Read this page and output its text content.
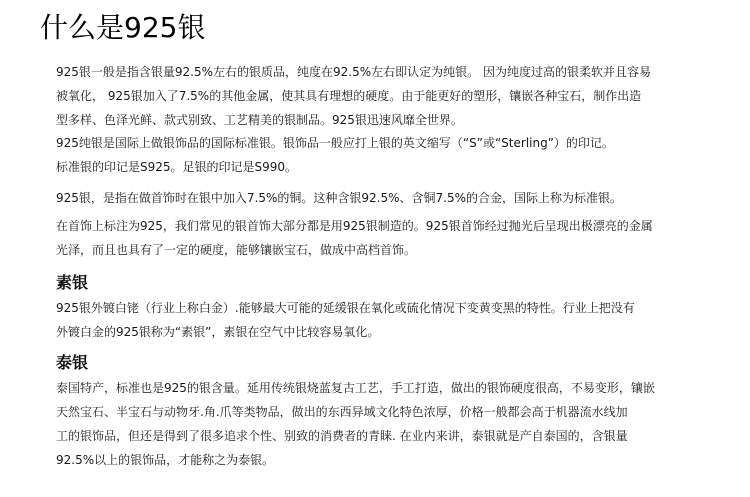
什么是925银

925银一般是指含银量92.5%左右的银质品，纯度在92.5%左右即认定为纯银。 因为纯度过高的银柔软并且容易
被氧化， 925银加入了7.5%的其他金属，使其具有理想的硬度。由于能更好的塑形，镶嵌各种宝石，制作出造
型多样、色泽光鲜、款式别致、工艺精美的银制品。925银迅速风靡全世界。

925纯银是国际上做银饰品的国际标准银。银饰品一般应打上银的英文缩写（“S”或“Sterling”）的印记。
标准银的印记是S925。足银的印记是S990。

925银，是指在做首饰时在银中加入7.5%的铜。这种含银92.5%、含铜7.5%的合金，国际上称为标准银。

在首饰上标注为925，我们常见的银首饰大部分都是用925银制造的。925银首饰经过抛光后呈现出极漂亮的金属
光泽，而且也具有了一定的硬度，能够镶嵌宝石，做成中高档首饰。

素银

925银外镀白铑（行业上称白金）.能够最大可能的延缓银在氧化或硫化情况下变黄变黑的特性。行业上把没有
外镀白金的925银称为“素银”，素银在空气中比较容易氧化。

泰银

泰国特产，标准也是925的银含量。延用传统银烧蓝复古工艺，手工打造，做出的银饰硬度很高，不易变形，镶嵌
天然宝石、半宝石与动物牙.角.爪等类物品，做出的东西异域文化特色浓厚，价格一般都会高于机器流水线加
工的银饰品，但还是得到了很多追求个性、别致的消费者的青睐. 在业内来讲，泰银就是产自泰国的，含银量
92.5%以上的银饰品，才能称之为泰银。
